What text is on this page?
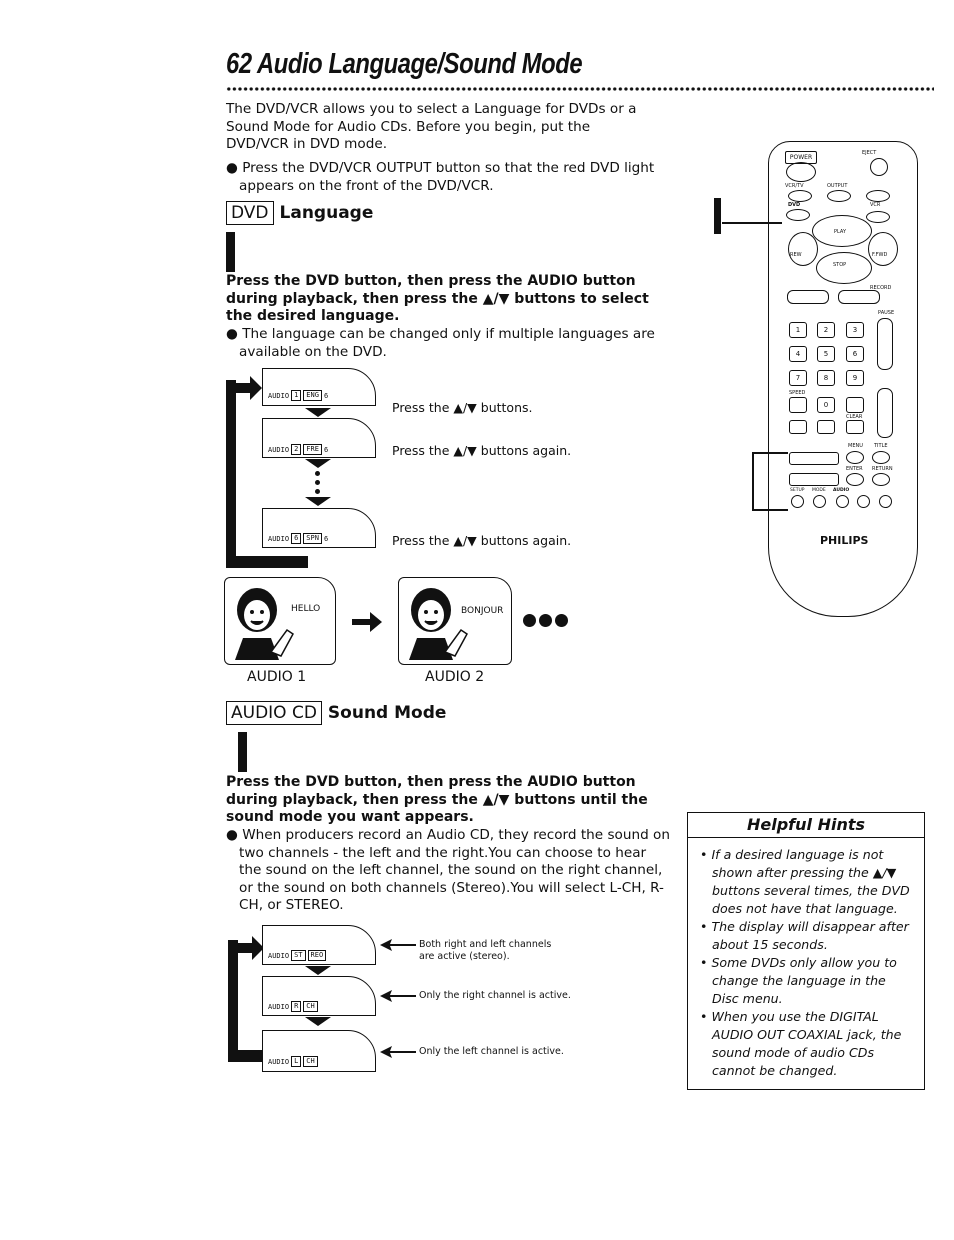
62 Audio Language/Sound Mode
The DVD/VCR allows you to select a Language for DVDs or a Sound Mode for Audio CDs. Before you begin, put the DVD/VCR in DVD mode.
● Press the DVD/VCR OUTPUT button so that the red DVD light appears on the front of the DVD/VCR.
DVD Language
Press the DVD button, then press the AUDIO button during playback, then press the ▲/▼ buttons to select the desired language.
● The language can be changed only if multiple languages are available on the DVD.
AUDIO 1	ENG 6
Press the ▲/▼ buttons.
AUDIO 2	FRE 6	Press the ▲/▼ buttons again.
AUDIO 6	SPN 6	Press the ▲/▼ buttons again.
HELLO
AUDIO 1
BONJOUR
AUDIO 2
AUDIO CD Sound Mode
Press the DVD button, then press the AUDIO button during playback, then press the ▲/▼ buttons until the sound mode you want appears.
● When producers record an Audio CD, they record the sound on two channels - the left and the right.You can choose to hear the sound on the left channel, the sound on the right channel, or the sound on both channels (Stereo).You will select L-CH, R-CH, or STEREO.
AUDIO ST	REO
Both right and left channels are active (stereo).
AUDIO R	CH
Only the right channel is active.
AUDIO L	CH
Only the left channel is active.
POWER
EJECT
VCR/TV	OUTPUT
DVD	VCR
PLAY
REW	F.FWD
STOP
RECORD
PAUSE
1	2	3
4	5	6
7	8	9
SPEED
0
CLEAR
MENU TITLE
ENTER RETURN
SETUP MODE AUDIO
PHILIPS
Helpful Hints
• If a desired language is not shown after pressing the ▲/▼ buttons several times, the DVD does not have that language.
• The display will disappear after about 15 seconds.
• Some DVDs only allow you to change the language in the Disc menu.
• When you use the DIGITAL AUDIO OUT COAXIAL jack, the sound mode of audio CDs cannot be changed.
